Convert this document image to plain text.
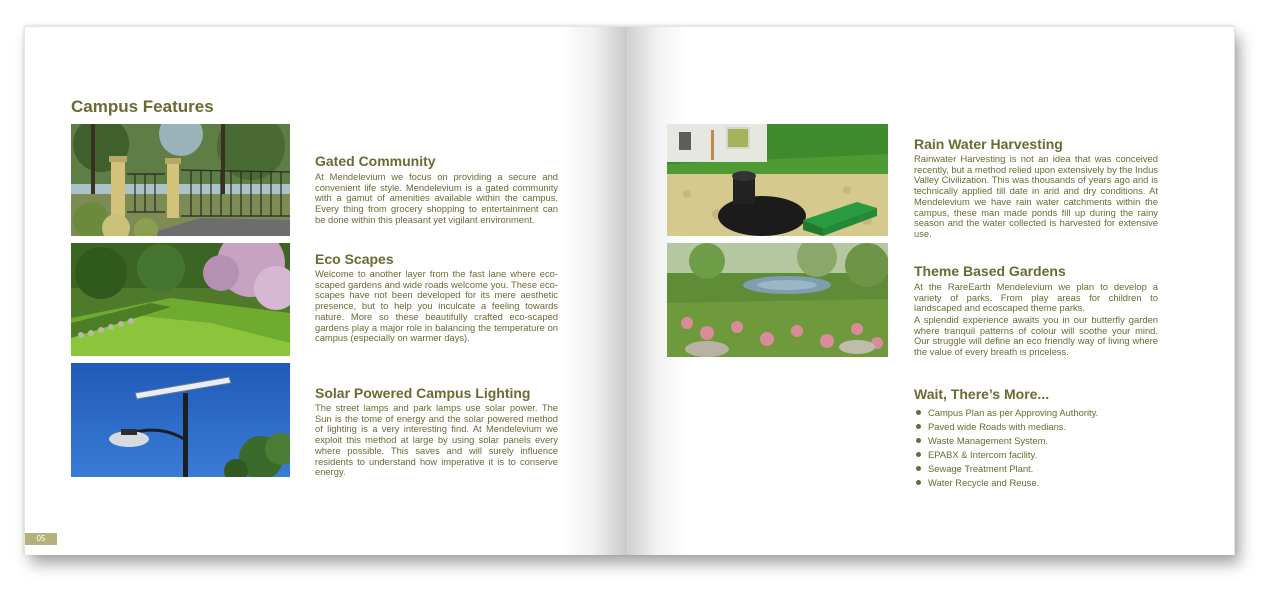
Campus Features
Gated Community

At Mendelevium we focus on providing a secure and convenient life style. Mendelevium is a gated community with a gamut of amenities available within the campus. Every thing from grocery shopping to entertainment can be done within this pleasant yet vigilant environment.

Eco Scapes

Welcome to another layer from the fast lane where eco-scaped gardens and wide roads welcome you. These eco-scapes have not been developed for its mere aesthetic presence, but to help you inculcate a feeling towards nature. More so these beautifully crafted eco-scaped gardens play a major role in balancing the temperature on campus (especially on warmer days).

Solar Powered Campus Lighting

The street lamps and park lamps use solar power. The Sun is the tome of energy and the solar powered method of lighting is a very interesting find. At Mendelevium we exploit this method at large by using solar panels every where possible. This saves and will surely influence residents to understand how imperative it is to conserve energy.

05
Rain Water Harvesting

Rainwater Harvesting is not an idea that was conceived recently, but a method relied upon extensively by the Indus Valley Civilization. This was thousands of years ago and is technically applied till date in arid and dry conditions. At Mendelevium we have rain water catchments within the campus, these man made ponds fill up during the rainy season and the water collected is harvested for extensive use.

Theme Based Gardens

At the RareEarth Mendelevium we plan to develop a variety of parks. From play areas for children to landscaped and ecoscaped theme parks.

A splendid experience awaits you in our butterfly garden where tranquil patterns of colour will soothe your mind. Our struggle will define an eco friendly way of living where the value of every breath is priceless.

Wait, There’s More...
Campus Plan as per Approving Authority.
Paved wide Roads with medians.
Waste Management System.
EPABX & Intercom facility.
Sewage Treatment Plant.
Water Recycle and Reuse.
